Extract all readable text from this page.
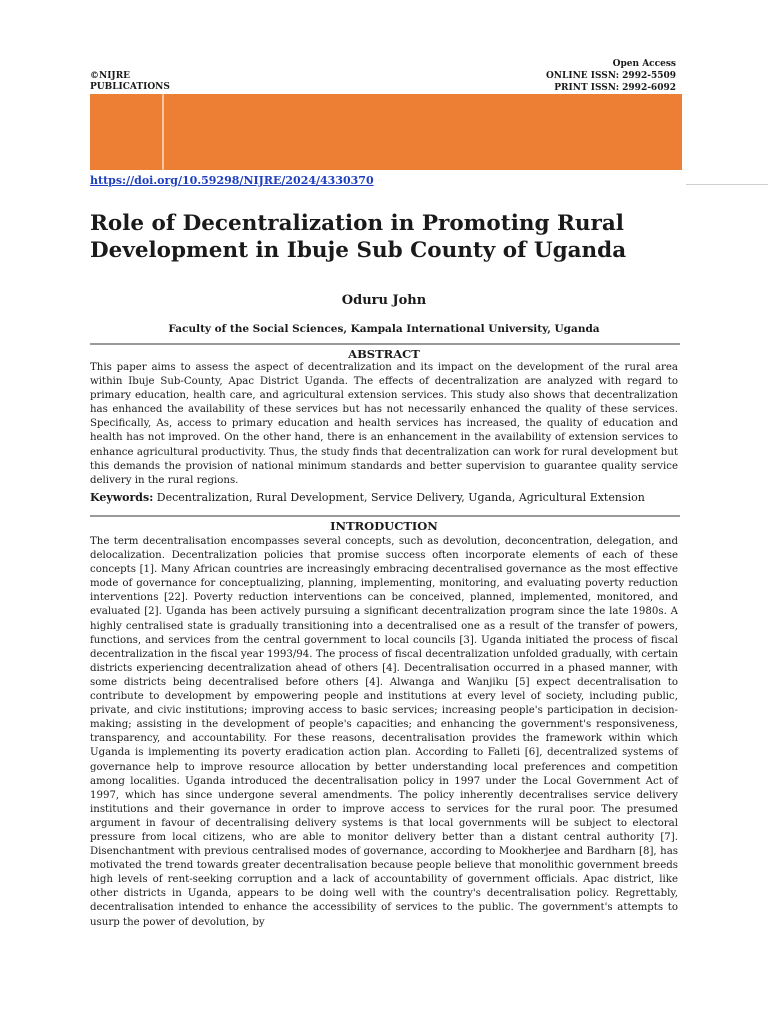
©NIJRE
PUBLICATIONS
Open Access
ONLINE ISSN: 2992-5509
PRINT ISSN: 2992-6092
https://doi.org/10.59298/NIJRE/2024/4330370
Role of Decentralization in Promoting Rural Development in Ibuje Sub County of Uganda
Oduru John
Faculty of the Social Sciences, Kampala International University, Uganda
ABSTRACT

This paper aims to assess the aspect of decentralization and its impact on the development of the rural area within Ibuje Sub-County, Apac District Uganda. The effects of decentralization are analyzed with regard to primary education, health care, and agricultural extension services. This study also shows that decentralization has enhanced the availability of these services but has not necessarily enhanced the quality of these services. Specifically, As, access to primary education and health services has increased, the quality of education and health has not improved. On the other hand, there is an enhancement in the availability of extension services to enhance agricultural productivity. Thus, the study finds that decentralization can work for rural development but this demands the provision of national minimum standards and better supervision to guarantee quality service delivery in the rural regions.

Keywords: Decentralization, Rural Development, Service Delivery, Uganda, Agricultural Extension
INTRODUCTION

The term decentralisation encompasses several concepts, such as devolution, deconcentration, delegation, and delocalization. Decentralization policies that promise success often incorporate elements of each of these concepts [1]. Many African countries are increasingly embracing decentralised governance as the most effective mode of governance for conceptualizing, planning, implementing, monitoring, and evaluating poverty reduction interventions [22]. Poverty reduction interventions can be conceived, planned, implemented, monitored, and evaluated [2]. Uganda has been actively pursuing a significant decentralization program since the late 1980s. A highly centralised state is gradually transitioning into a decentralised one as a result of the transfer of powers, functions, and services from the central government to local councils [3]. Uganda initiated the process of fiscal decentralization in the fiscal year 1993/94. The process of fiscal decentralization unfolded gradually, with certain districts experiencing decentralization ahead of others [4]. Decentralisation occurred in a phased manner, with some districts being decentralised before others [4]. Alwanga and Wanjiku [5] expect decentralisation to contribute to development by empowering people and institutions at every level of society, including public, private, and civic institutions; improving access to basic services; increasing people's participation in decision-making; assisting in the development of people's capacities; and enhancing the government's responsiveness, transparency, and accountability. For these reasons, decentralisation provides the framework within which Uganda is implementing its poverty eradication action plan. According to Falleti [6], decentralized systems of governance help to improve resource allocation by better understanding local preferences and competition among localities. Uganda introduced the decentralisation policy in 1997 under the Local Government Act of 1997, which has since undergone several amendments. The policy inherently decentralises service delivery institutions and their governance in order to improve access to services for the rural poor. The presumed argument in favour of decentralising delivery systems is that local governments will be subject to electoral pressure from local citizens, who are able to monitor delivery better than a distant central authority [7]. Disenchantment with previous centralised modes of governance, according to Mookherjee and Bardharn [8], has motivated the trend towards greater decentralisation because people believe that monolithic government breeds high levels of rent-seeking corruption and a lack of accountability of government officials. Apac district, like other districts in Uganda, appears to be doing well with the country's decentralisation policy. Regrettably, decentralisation intended to enhance the accessibility of services to the public. The government's attempts to usurp the power of devolution, by
